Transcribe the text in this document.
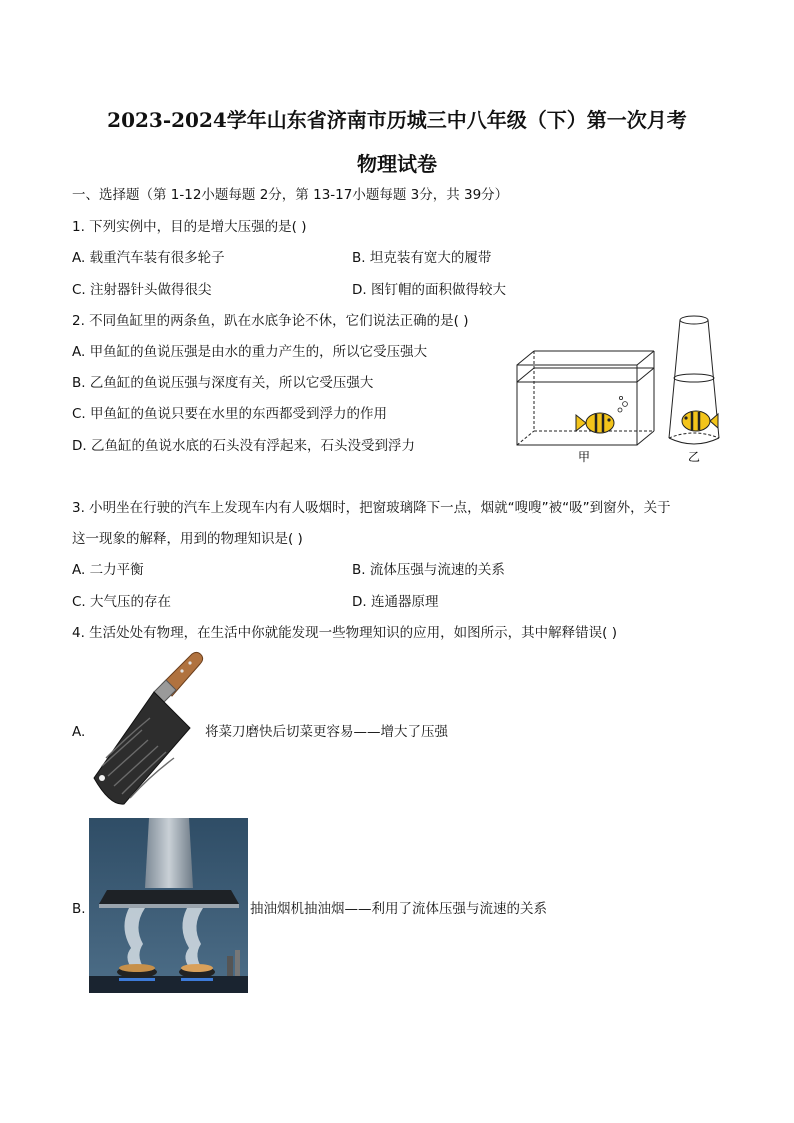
2023-2024学年山东省济南市历城三中八年级（下）第一次月考
物理试卷
一、选择题（第 1-12小题每题 2分，第 13-17小题每题 3分，共 39分）
1. 下列实例中，目的是增大压强的是( )
A. 载重汽车装有很多轮子	B. 坦克装有宽大的履带
C. 注射器针头做得很尖	D. 图钉帽的面积做得较大
2. 不同鱼缸里的两条鱼，趴在水底争论不休，它们说法正确的是( )
A. 甲鱼缸的鱼说压强是由水的重力产生的，所以它受压强大
B. 乙鱼缸的鱼说压强与深度有关，所以它受压强大
C. 甲鱼缸的鱼说只要在水里的东西都受到浮力的作用
D. 乙鱼缸的鱼说水底的石头没有浮起来，石头没受到浮力
甲	乙
3. 小明坐在行驶的汽车上发现车内有人吸烟时，把窗玻璃降下一点，烟就“嗖嗖”被“吸”到窗外，关于
这一现象的解释，用到的物理知识是( )
A. 二力平衡	B. 流体压强与流速的关系
C. 大气压的存在	D. 连通器原理
4. 生活处处有物理，在生活中你就能发现一些物理知识的应用，如图所示，其中解释错误( )
A.	将菜刀磨快后切菜更容易——增大了压强
B.	抽油烟机抽油烟——利用了流体压强与流速的关系
